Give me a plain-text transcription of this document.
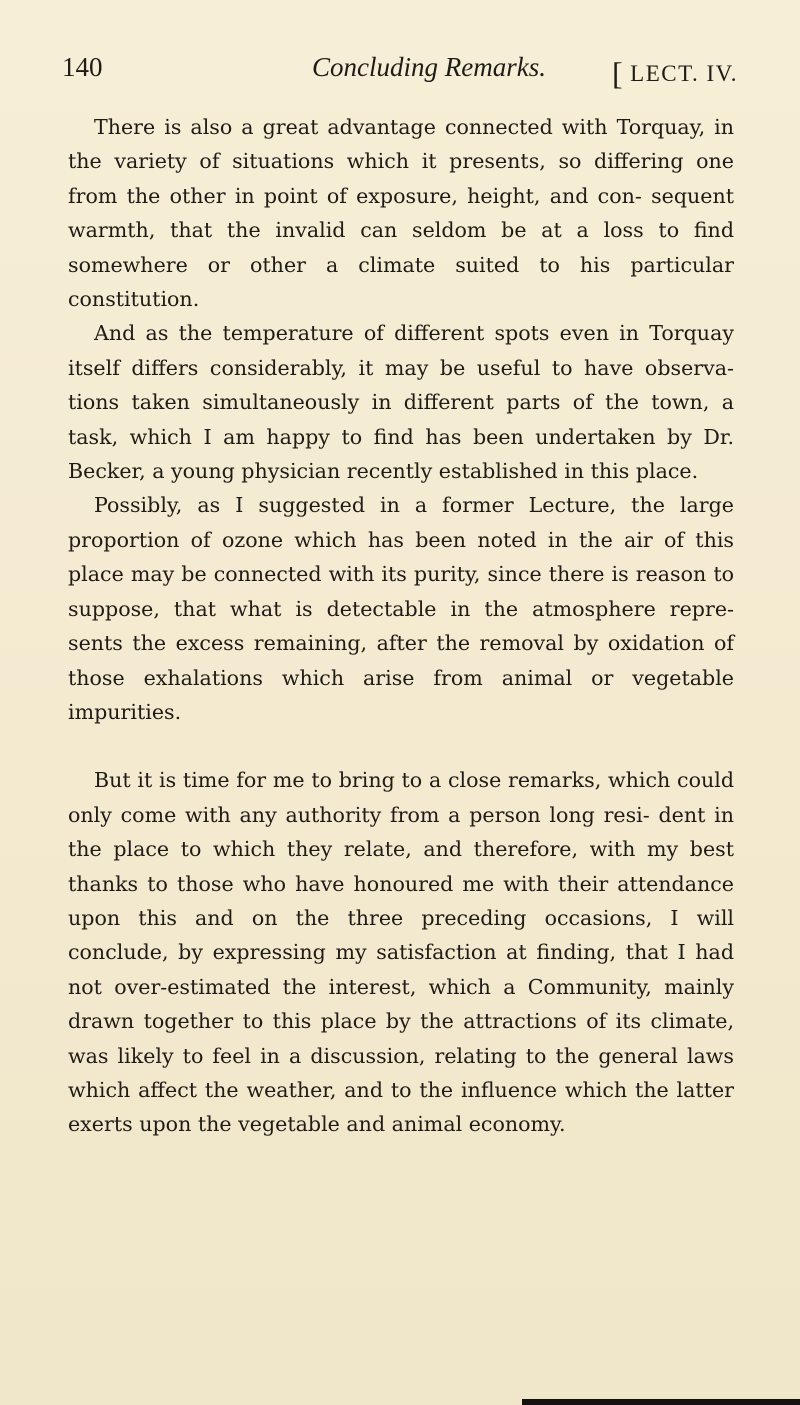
140	Concluding Remarks. [ LECT. IV.

There is also a great advantage connected with Torquay, in the variety of situations which it presents, so differing one from the other in point of exposure, height, and con- sequent warmth, that the invalid can seldom be at a loss to find somewhere or other a climate suited to his particular constitution.

And as the temperature of different spots even in Torquay itself differs considerably, it may be useful to have observa- tions taken simultaneously in different parts of the town, a task, which I am happy to find has been undertaken by Dr. Becker, a young physician recently established in this place.

Possibly, as I suggested in a former Lecture, the large proportion of ozone which has been noted in the air of this place may be connected with its purity, since there is reason to suppose, that what is detectable in the atmosphere repre- sents the excess remaining, after the removal by oxidation of those exhalations which arise from animal or vegetable impurities.

But it is time for me to bring to a close remarks, which could only come with any authority from a person long resi- dent in the place to which they relate, and therefore, with my best thanks to those who have honoured me with their attendance upon this and on the three preceding occasions, I will conclude, by expressing my satisfaction at finding, that I had not over-estimated the interest, which a Community, mainly drawn together to this place by the attractions of its climate, was likely to feel in a discussion, relating to the general laws which affect the weather, and to the influence which the latter exerts upon the vegetable and animal economy.
